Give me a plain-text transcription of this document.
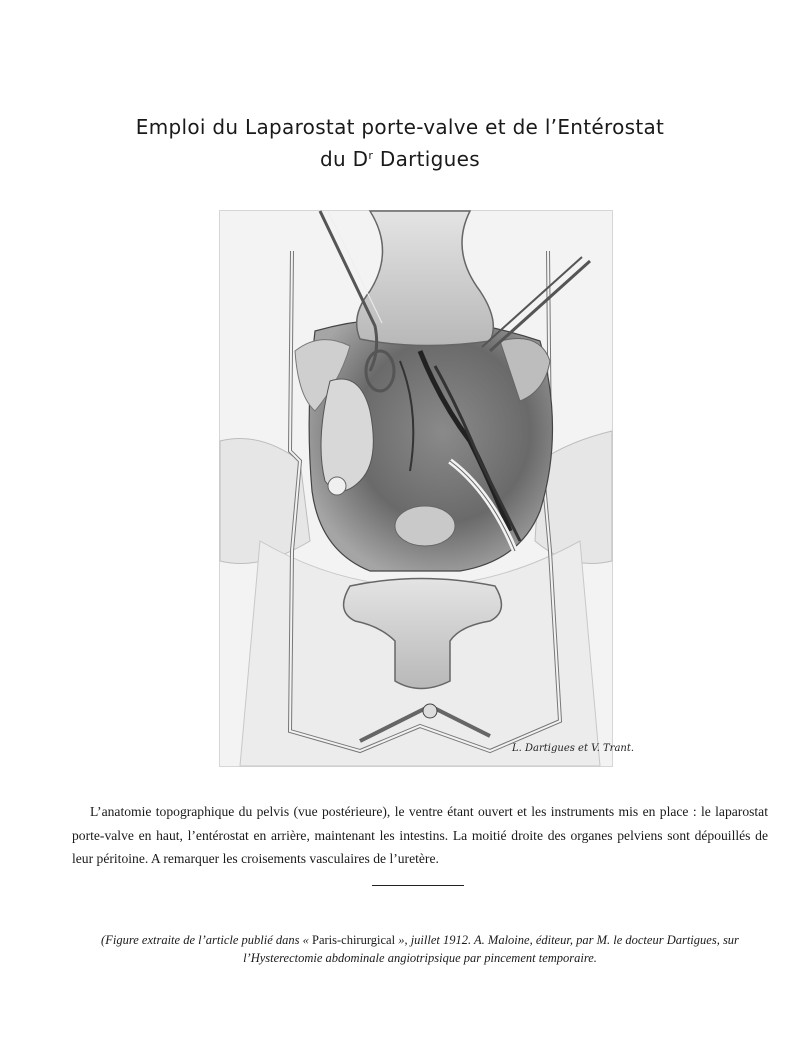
Emploi du Laparostat porte-valve et de l’Entérostat
du $D^r$ Dartigues
L. Dartigues et V. Trant.
L’anatomie topographique du pelvis (vue postérieure), le ventre étant ouvert et les instruments mis en place : le laparostat porte-valve en haut, l’entérostat en arrière, maintenant les intestins. La moitié droite des organes pelviens sont dépouillés de leur péritoine. A remarquer les croisements vasculaires de l’uretère.
(Figure extraite de l’article publié dans « Paris-chirurgical », juillet 1912. A. Maloine, éditeur, par M. le docteur Dartigues, sur l’Hysterectomie abdominale angiotripsique par pincement temporaire.
